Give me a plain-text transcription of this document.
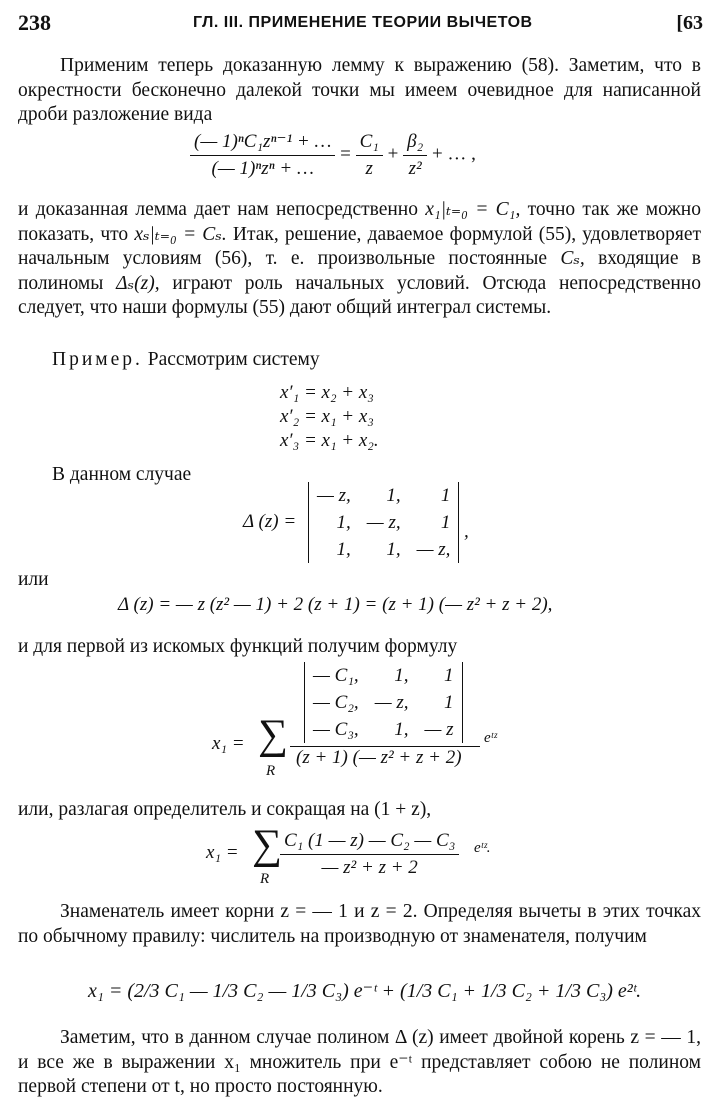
238	ГЛ. III. ПРИМЕНЕНИЕ ТЕОРИИ ВЫЧЕТОВ	[63
Применим теперь доказанную лемму к выражению (58). Заметим, что в окрестности бесконечно далекой точки мы имеем очевидное для написанной дроби разложение вида
$\frac{\text{(— 1)ⁿC₁zⁿ⁻¹ + …}}{\text{(— 1)ⁿzⁿ + …}} = \frac{\text{C₁}}{z} + \frac{\text{β₂}}{\text{z²}}$ + … ,
и доказанная лемма дает нам непосредственно x₁|ₜ₌₀ = C₁, точно так же можно показать, что xₛ|ₜ₌₀ = Cₛ. Итак, решение, даваемое формулой (55), удовлетворяет начальным условиям (56), т. е. произвольные постоянные Cₛ, входящие в полиномы Δₛ(z), играют роль начальных условий. Отсюда непосредственно следует, что наши формулы (55) дают общий интеграл системы.
Пример. Рассмотрим систему
x′₁ = x₂ + x₃
x′₂ = x₁ + x₃
x′₃ = x₁ + x₂.
В данном случае
Δ (z) =
— z,	1,	1
1,	— z,	1
1,	1,	— z,
,
или
Δ (z) = — z (z² — 1) + 2 (z + 1) = (z + 1) (— z² + z + 2),
и для первой из искомых функций получим формулу
x₁ = ∑
R
— C₁,	1,	1
— C₂,	— z,	1
— C₃,	1,	— z
(z + 1) (— z² + z + 2)
eᵗᶻ
или, разлагая определитель и сокращая на (1 + z),
x₁ = ∑
R $\frac{\text{C₁ (1 — z) — C₂ — C₃}}{\text{— z² + z + 2}}$ eᵗᶻ.
Знаменатель имеет корни z = — 1 и z = 2. Определяя вычеты в этих точках по обычному правилу: числитель на производную от знаменателя, получим
x₁ = (2/3 C₁ — 1/3 C₂ — 1/3 C₃) e⁻ᵗ + (1/3 C₁ + 1/3 C₂ + 1/3 C₃) e²ᵗ.
Заметим, что в данном случае полином Δ (z) имеет двойной корень z = — 1, и все же в выражении x₁ множитель при e⁻ᵗ представляет собою не полином первой степени от t, но просто постоянную.
